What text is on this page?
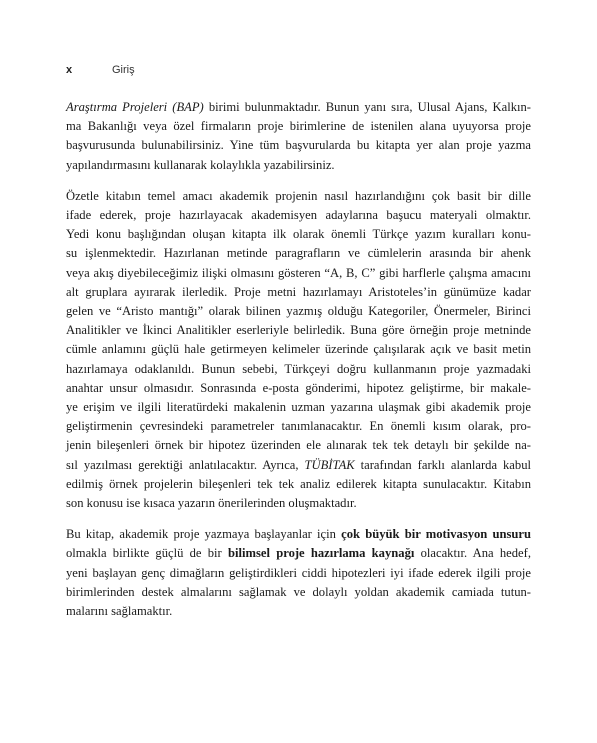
x	Giriş

Araştırma Projeleri (BAP) birimi bulunmaktadır. Bunun yanı sıra, Ulusal Ajans, Kalkın-
ma Bakanlığı veya özel firmaların proje birimlerine de istenilen alana uyuyorsa proje
başvurusunda bulunabilirsiniz. Yine tüm başvurularda bu kitapta yer alan proje yazma
yapılandırmasını kullanarak kolaylıkla yazabilirsiniz.

Özetle kitabın temel amacı akademik projenin nasıl hazırlandığını çok basit bir dille
ifade ederek, proje hazırlayacak akademisyen adaylarına başucu materyali olmaktır.
Yedi konu başlığından oluşan kitapta ilk olarak önemli Türkçe yazım kuralları konu-
su işlenmektedir. Hazırlanan metinde paragrafların ve cümlelerin arasında bir ahenk
veya akış diyebileceğimiz ilişki olmasını gösteren “A, B, C” gibi harflerle çalışma amacını
alt gruplara ayırarak ilerledik. Proje metni hazırlamayı Aristoteles’in günümüze kadar
gelen ve “Aristo mantığı” olarak bilinen yazmış olduğu Kategoriler, Önermeler, Birinci
Analitikler ve İkinci Analitikler eserleriyle belirledik. Buna göre örneğin proje metninde
cümle anlamını güçlü hale getirmeyen kelimeler üzerinde çalışılarak açık ve basit metin
hazırlamaya odaklanıldı. Bunun sebebi, Türkçeyi doğru kullanmanın proje yazmadaki
anahtar unsur olmasıdır. Sonrasında e-posta gönderimi, hipotez geliştirme, bir makale-
ye erişim ve ilgili literatürdeki makalenin uzman yazarına ulaşmak gibi akademik proje
geliştirmenin çevresindeki parametreler tanımlanacaktır. En önemli kısım olarak, pro-
jenin bileşenleri örnek bir hipotez üzerinden ele alınarak tek tek detaylı bir şekilde na-
sıl yazılması gerektiği anlatılacaktır. Ayrıca, TÜBİTAK tarafından farklı alanlarda kabul
edilmiş örnek projelerin bileşenleri tek tek analiz edilerek kitapta sunulacaktır. Kitabın
son konusu ise kısaca yazarın önerilerinden oluşmaktadır.

Bu kitap, akademik proje yazmaya başlayanlar için çok büyük bir motivasyon unsuru
olmakla birlikte güçlü de bir bilimsel proje hazırlama kaynağı olacaktır. Ana hedef,
yeni başlayan genç dimağların geliştirdikleri ciddi hipotezleri iyi ifade ederek ilgili proje
birimlerinden destek almalarını sağlamak ve dolaylı yoldan akademik camiada tutun-
malarını sağlamaktır.
